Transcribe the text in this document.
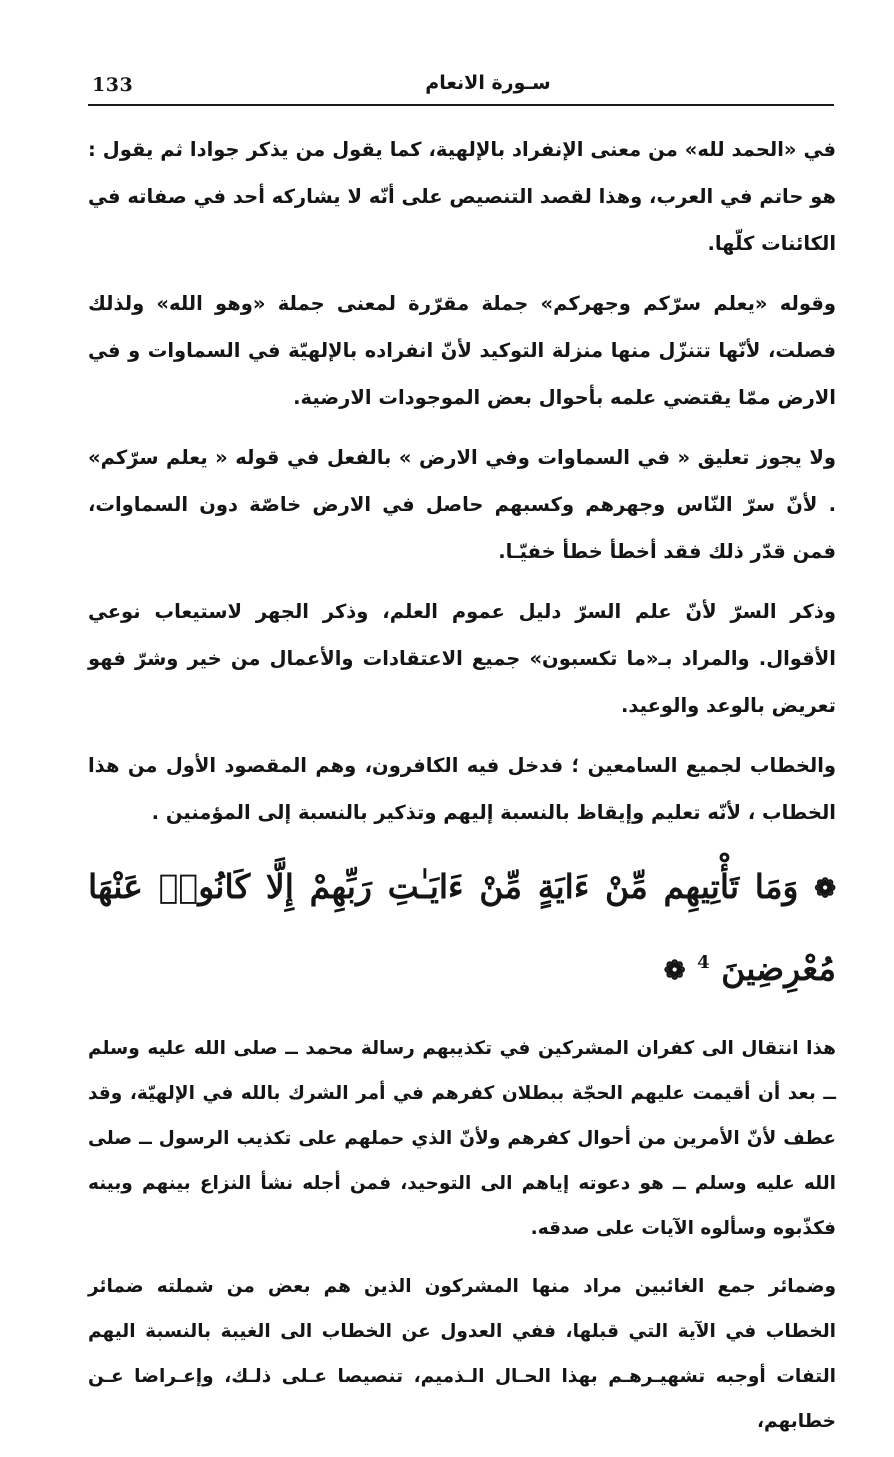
133	سـورة الانعام

في «الحمد لله» من معنى الإنفراد بالإلهية، كما يقول من يذكر جوادا ثم يقول : هو حاتم في العرب، وهذا لقصد التنصيص على أنّه لا يشاركه أحد في صفاته في الكائنات كلّها.

وقوله «يعلم سرّكم وجهركم» جملة مقرّرة لمعنى جملة «وهو الله» ولذلك فصلت، لأنّها تتنزّل منها منزلة التوكيد لأنّ انفراده بالإلهيّة في السماوات و في الارض ممّا يقتضي علمه بأحوال بعض الموجودات الارضية.

ولا يجوز تعليق « في السماوات وفي الارض » بالفعل في قوله « يعلم سرّكم» . لأنّ سرّ النّاس وجهرهم وكسبهم حاصل في الارض خاصّة دون السماوات، فمن قدّر ذلك فقد أخطأ خطأ خفيّـا.

وذكر السرّ لأنّ علم السرّ دليل عموم العلم، وذكر الجهر لاستيعاب نوعي الأقوال. والمراد بـ«ما تكسبون» جميع الاعتقادات والأعمال من خير وشرّ فهو تعريض بالوعد والوعيد.

والخطاب لجميع السامعين ؛ فدخل فيه الكافرون، وهم المقصود الأول من هذا الخطاب ، لأنّه تعليم وإيقاظ بالنسبة إليهم وتذكير بالنسبة إلى المؤمنين .

❁ وَمَا تَأْتِيهِم مِّنْ ءَايَةٍ مِّنْ ءَايَـٰتِ رَبِّهِمْ إِلَّا كَانُوا۟ عَنْهَا مُعْرِضِينَ $^4$ ❁

هذا انتقال الى كفران المشركين في تكذيبهم رسالة محمد ــ صلى الله عليه وسلم ــ بعد أن أقيمت عليهم الحجّة ببطلان كفرهم في أمر الشرك بالله في الإلهيّة، وقد عطف لأنّ الأمرين من أحوال كفرهم ولأنّ الذي حملهم على تكذيب الرسول ــ صلى الله عليه وسلم ــ هو دعوته إياهم الى التوحيد، فمن أجله نشأ النزاع بينهم وبينه فكذّبوه وسألوه الآيات على صدقه.

وضمائر جمع الغائبين مراد منها المشركون الذين هم بعض من شملته ضمائر الخطاب في الآية التي قبلها، ففي العدول عن الخطاب الى الغيبة بالنسبة اليهم التفات أوجبه تشهيـرهـم بهذا الحـال الـذميم، تنصيصا عـلى ذلـك، وإعـراضا عـن خطابهم،
